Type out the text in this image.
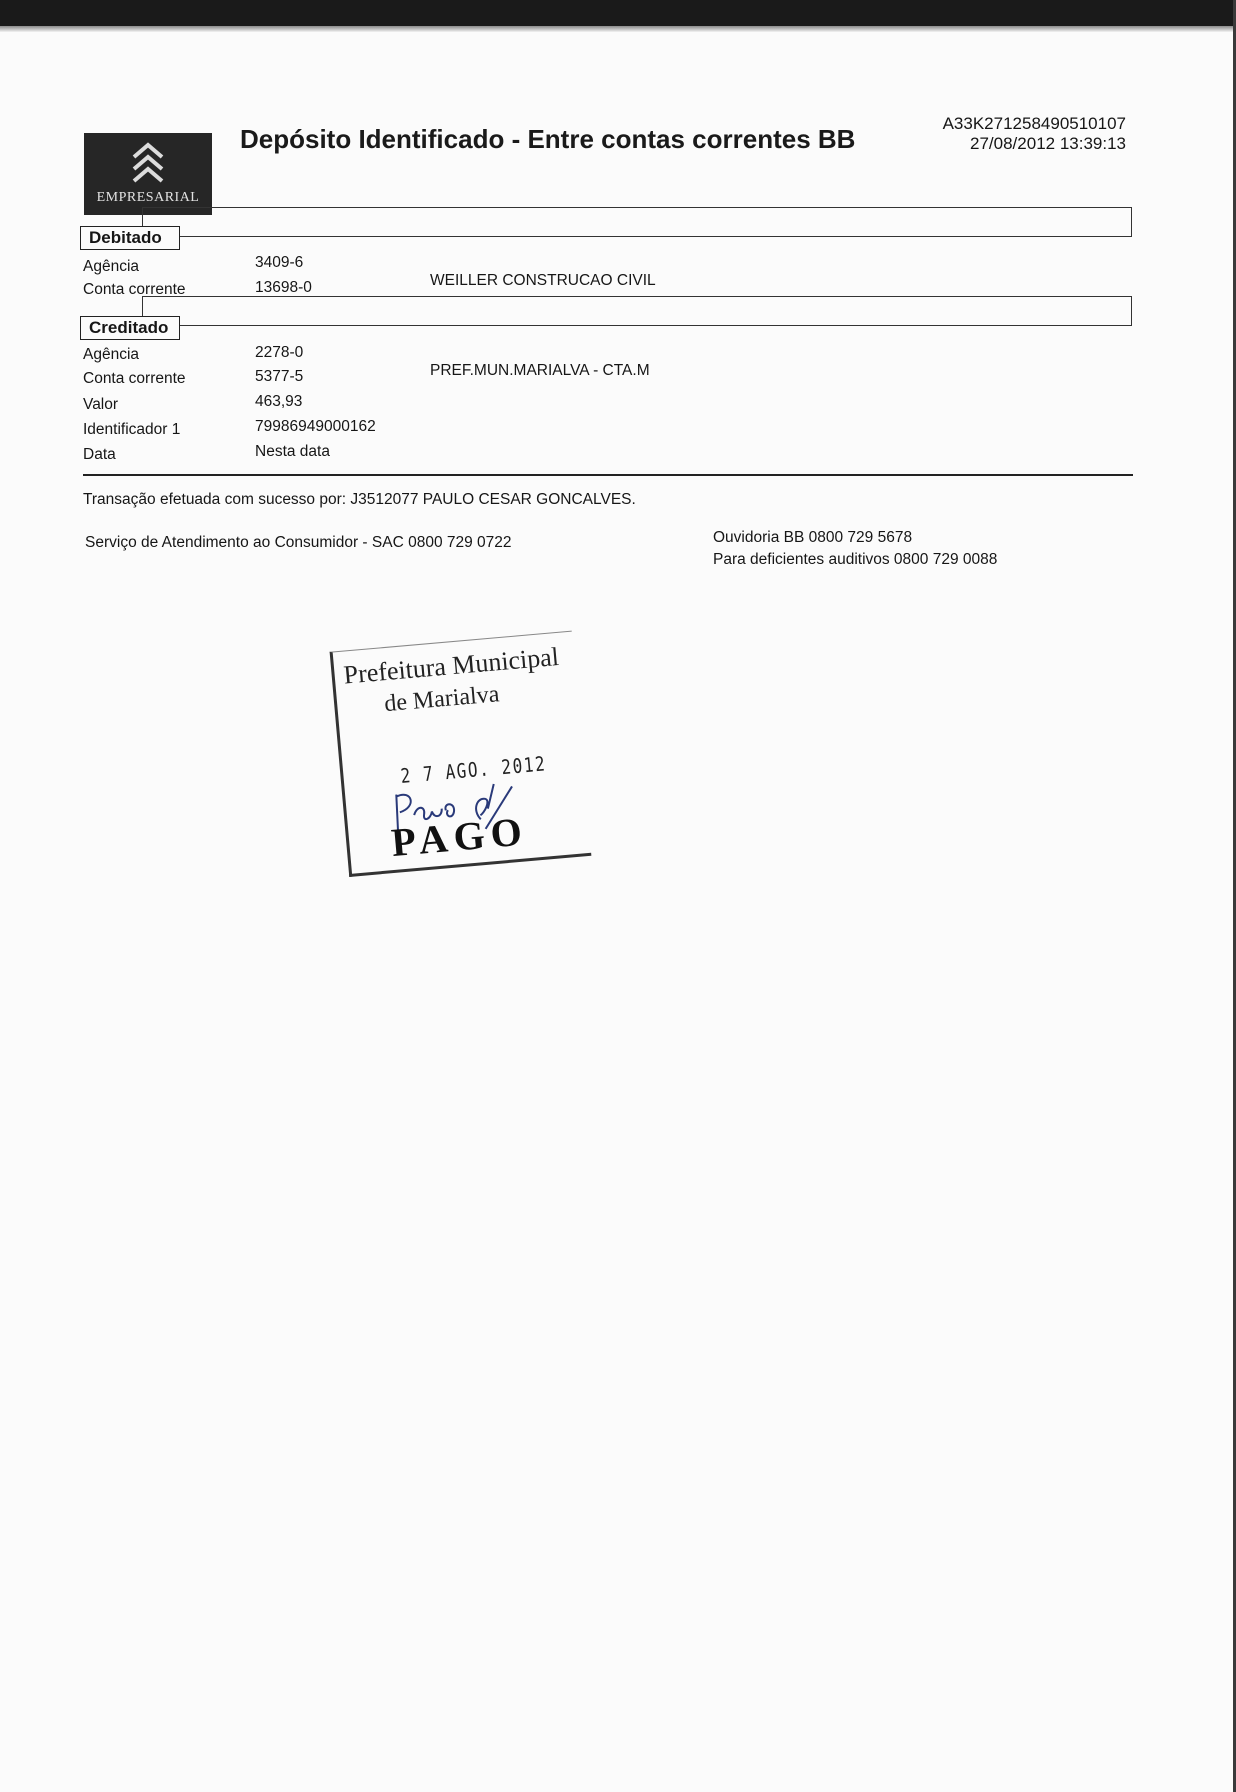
EMPRESARIAL
Depósito Identificado - Entre contas correntes BB
A33K271258490510107
27/08/2012 13:39:13
Debitado
Agência	3409-6
Conta corrente	13698-0	WEILLER CONSTRUCAO CIVIL
Creditado
Agência	2278-0
Conta corrente	5377-5	PREF.MUN.MARIALVA - CTA.M
Valor	463,93
Identificador 1	79986949000162
Data	Nesta data
Transação efetuada com sucesso por: J3512077 PAULO CESAR GONCALVES.
Serviço de Atendimento ao Consumidor - SAC 0800 729 0722	Ouvidoria BB 0800 729 5678
Para deficientes auditivos 0800 729 0088
Prefeitura Municipal
de Marialva
2 7 AGO. 2012
PAGO
